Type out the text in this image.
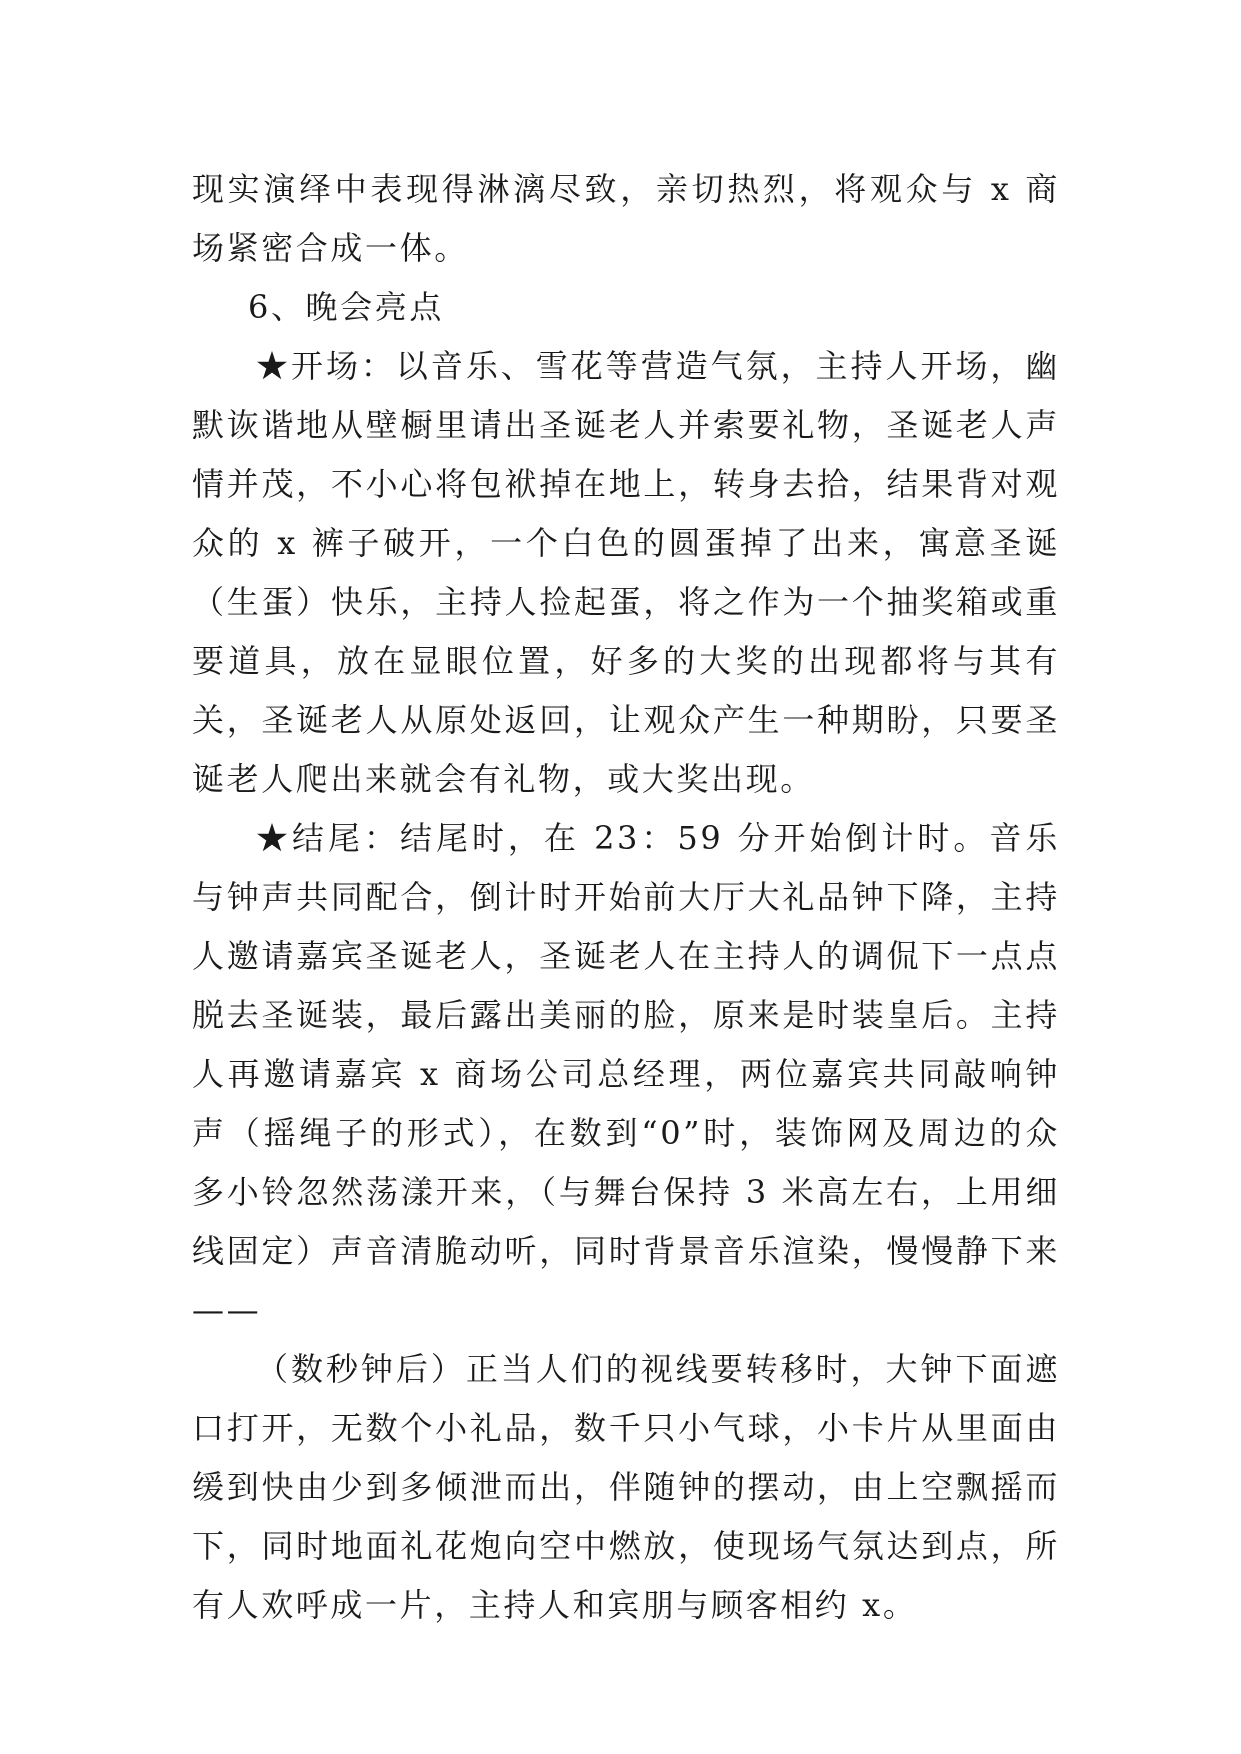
现实演绎中表现得淋漓尽致，亲切热烈，将观众与 x 商场紧密合成一体。

6、晚会亮点

★开场：以音乐、雪花等营造气氛，主持人开场，幽默诙谐地从壁橱里请出圣诞老人并索要礼物，圣诞老人声情并茂，不小心将包袱掉在地上，转身去拾，结果背对观众的 x 裤子破开，一个白色的圆蛋掉了出来，寓意圣诞（生蛋）快乐，主持人捡起蛋，将之作为一个抽奖箱或重要道具，放在显眼位置，好多的大奖的出现都将与其有关，圣诞老人从原处返回，让观众产生一种期盼，只要圣诞老人爬出来就会有礼物，或大奖出现。

★结尾：结尾时，在 23：59 分开始倒计时。音乐与钟声共同配合，倒计时开始前大厅大礼品钟下降，主持人邀请嘉宾圣诞老人，圣诞老人在主持人的调侃下一点点脱去圣诞装，最后露出美丽的脸，原来是时装皇后。主持人再邀请嘉宾 x 商场公司总经理，两位嘉宾共同敲响钟声（摇绳子的形式），在数到“0”时，装饰网及周边的众多小铃忽然荡漾开来，（与舞台保持 3 米高左右，上用细线固定）声音清脆动听，同时背景音乐渲染，慢慢静下来——

（数秒钟后）正当人们的视线要转移时，大钟下面遮口打开，无数个小礼品，数千只小气球，小卡片从里面由缓到快由少到多倾泄而出，伴随钟的摆动，由上空飘摇而下，同时地面礼花炮向空中燃放，使现场气氛达到点，所有人欢呼成一片，主持人和宾朋与顾客相约 x。
